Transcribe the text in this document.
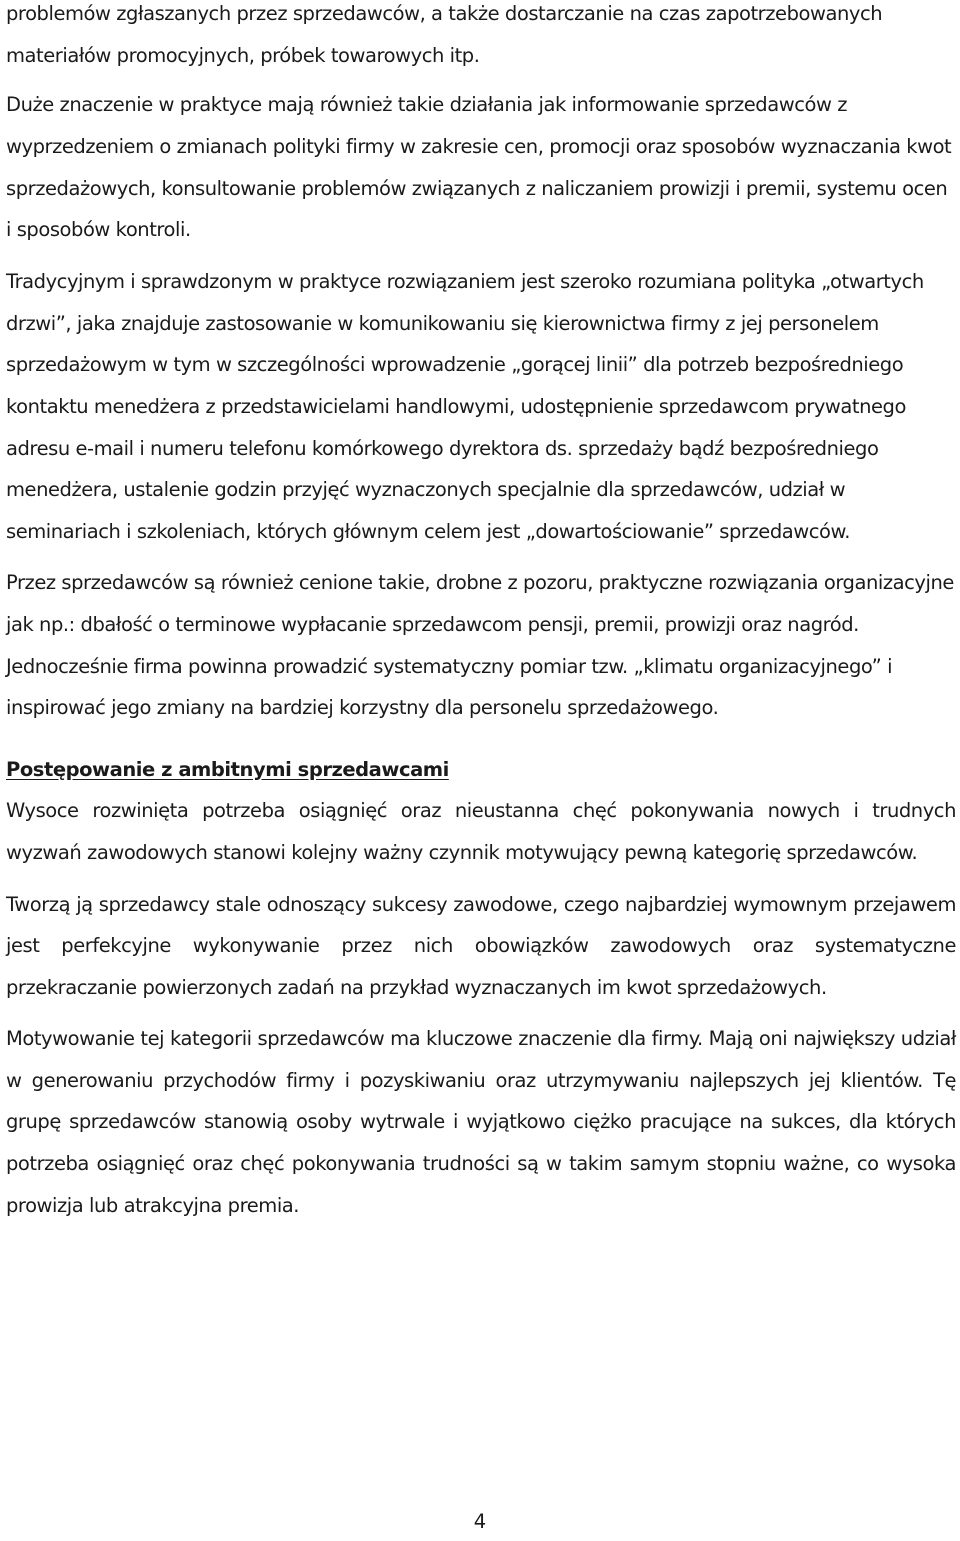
problemów zgłaszanych przez sprzedawców, a także dostarczanie na czas zapotrzebowanych materiałów promocyjnych, próbek towarowych itp.

Duże znaczenie w praktyce mają również takie działania jak informowanie sprzedawców z wyprzedzeniem o zmianach polityki firmy w zakresie cen, promocji oraz sposobów wyznaczania kwot sprzedażowych, konsultowanie problemów związanych z naliczaniem prowizji i premii, systemu ocen i sposobów kontroli.

Tradycyjnym i sprawdzonym w praktyce rozwiązaniem jest szeroko rozumiana polityka „otwartych drzwi”, jaka znajduje zastosowanie w komunikowaniu się kierownictwa firmy z jej personelem sprzedażowym w tym w szczególności wprowadzenie „gorącej linii” dla potrzeb bezpośredniego kontaktu menedżera z przedstawicielami handlowymi, udostępnienie sprzedawcom prywatnego adresu e-mail i numeru telefonu komórkowego dyrektora ds. sprzedaży bądź bezpośredniego menedżera, ustalenie godzin przyjęć wyznaczonych specjalnie dla sprzedawców, udział w seminariach i szkoleniach, których głównym celem jest „dowartościowanie” sprzedawców.

Przez sprzedawców są również cenione takie, drobne z pozoru, praktyczne rozwiązania organizacyjne jak np.: dbałość o terminowe wypłacanie sprzedawcom pensji, premii, prowizji oraz nagród. Jednocześnie firma powinna prowadzić systematyczny pomiar tzw. „klimatu organizacyjnego” i inspirować jego zmiany na bardziej korzystny dla personelu sprzedażowego.

Postępowanie z ambitnymi sprzedawcami

Wysoce rozwinięta potrzeba osiągnięć oraz nieustanna chęć pokonywania nowych i trudnych wyzwań zawodowych stanowi kolejny ważny czynnik motywujący pewną kategorię sprzedawców.

Tworzą ją sprzedawcy stale odnoszący sukcesy zawodowe, czego najbardziej wymownym przejawem jest perfekcyjne wykonywanie przez nich obowiązków zawodowych oraz systematyczne przekraczanie powierzonych zadań na przykład wyznaczanych im kwot sprzedażowych.

Motywowanie tej kategorii sprzedawców ma kluczowe znaczenie dla firmy. Mają oni największy udział w generowaniu przychodów firmy i pozyskiwaniu oraz utrzymywaniu najlepszych jej klientów. Tę grupę sprzedawców stanowią osoby wytrwale i wyjątkowo ciężko pracujące na sukces, dla których potrzeba osiągnięć oraz chęć pokonywania trudności są w takim samym stopniu ważne, co wysoka prowizja lub atrakcyjna premia.

4
